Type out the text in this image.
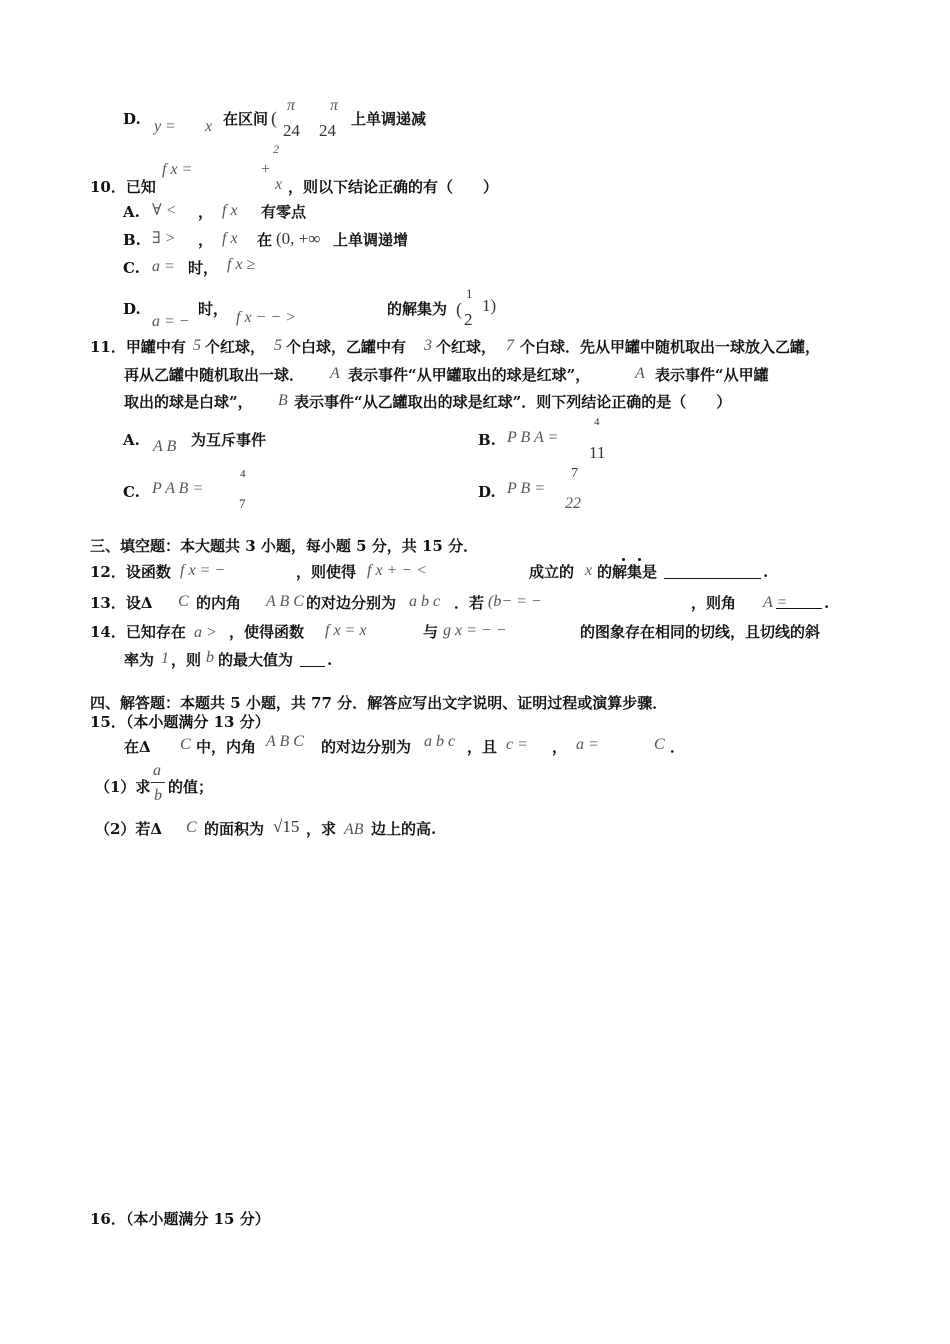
D. y = x 在区间 (
π
24
π
24
上单调递减
2
10．已知
f x =	+
x ，则以下结论正确的有（　　）
A. ∀ < ， f x 有零点
B. ∃ > ， f x 在 (0, +∞ 上单调递增
C. a = 时， f x ≥
D.
a = −
时， f x − − >	的解集为 (
1
2
1)
11．甲罐中有 5 个红球， 5 个白球，乙罐中有 3 个红球， 7 个白球．先从甲罐中随机取出一球放入乙罐，
再从乙罐中随机取出一球． A 表示事件“从甲罐取出的球是红球”，	A 表示事件“从甲罐
取出的球是白球”， B 表示事件“从乙罐取出的球是红球”．则下列结论正确的是（　　）
A. A B 为互斥事件	B. P B A =
4
11
C. P A B =
4
7
D. P B =
7
22
三、填空题：本大题共 3 小题，每小题 5 分，共 15 分．
12．设函数 f x = −	，则使得 f x + − <	成立的 x 的解集是	.
13．设Δ C 的内角 A B C 的对边分别为 a b c ．若 (b− = −	，则角 A = .
14．已知存在 a > ，使得函数 f x = x	与 g x = − −	的图象存在相同的切线，且切线的斜
率为 1 ，则 b 的最大值为 .
四、解答题：本题共 5 小题，共 77 分．解答应写出文字说明、证明过程或演算步骤．
15．（本小题满分 13 分）
在Δ C 中，内角 A B C 的对边分别为 a b c ，且 c = ， a =	C ．
（1）求
a
b 的值；
（2）若Δ C 的面积为 √15 ，求 AB 边上的高.
16．（本小题满分 15 分）
